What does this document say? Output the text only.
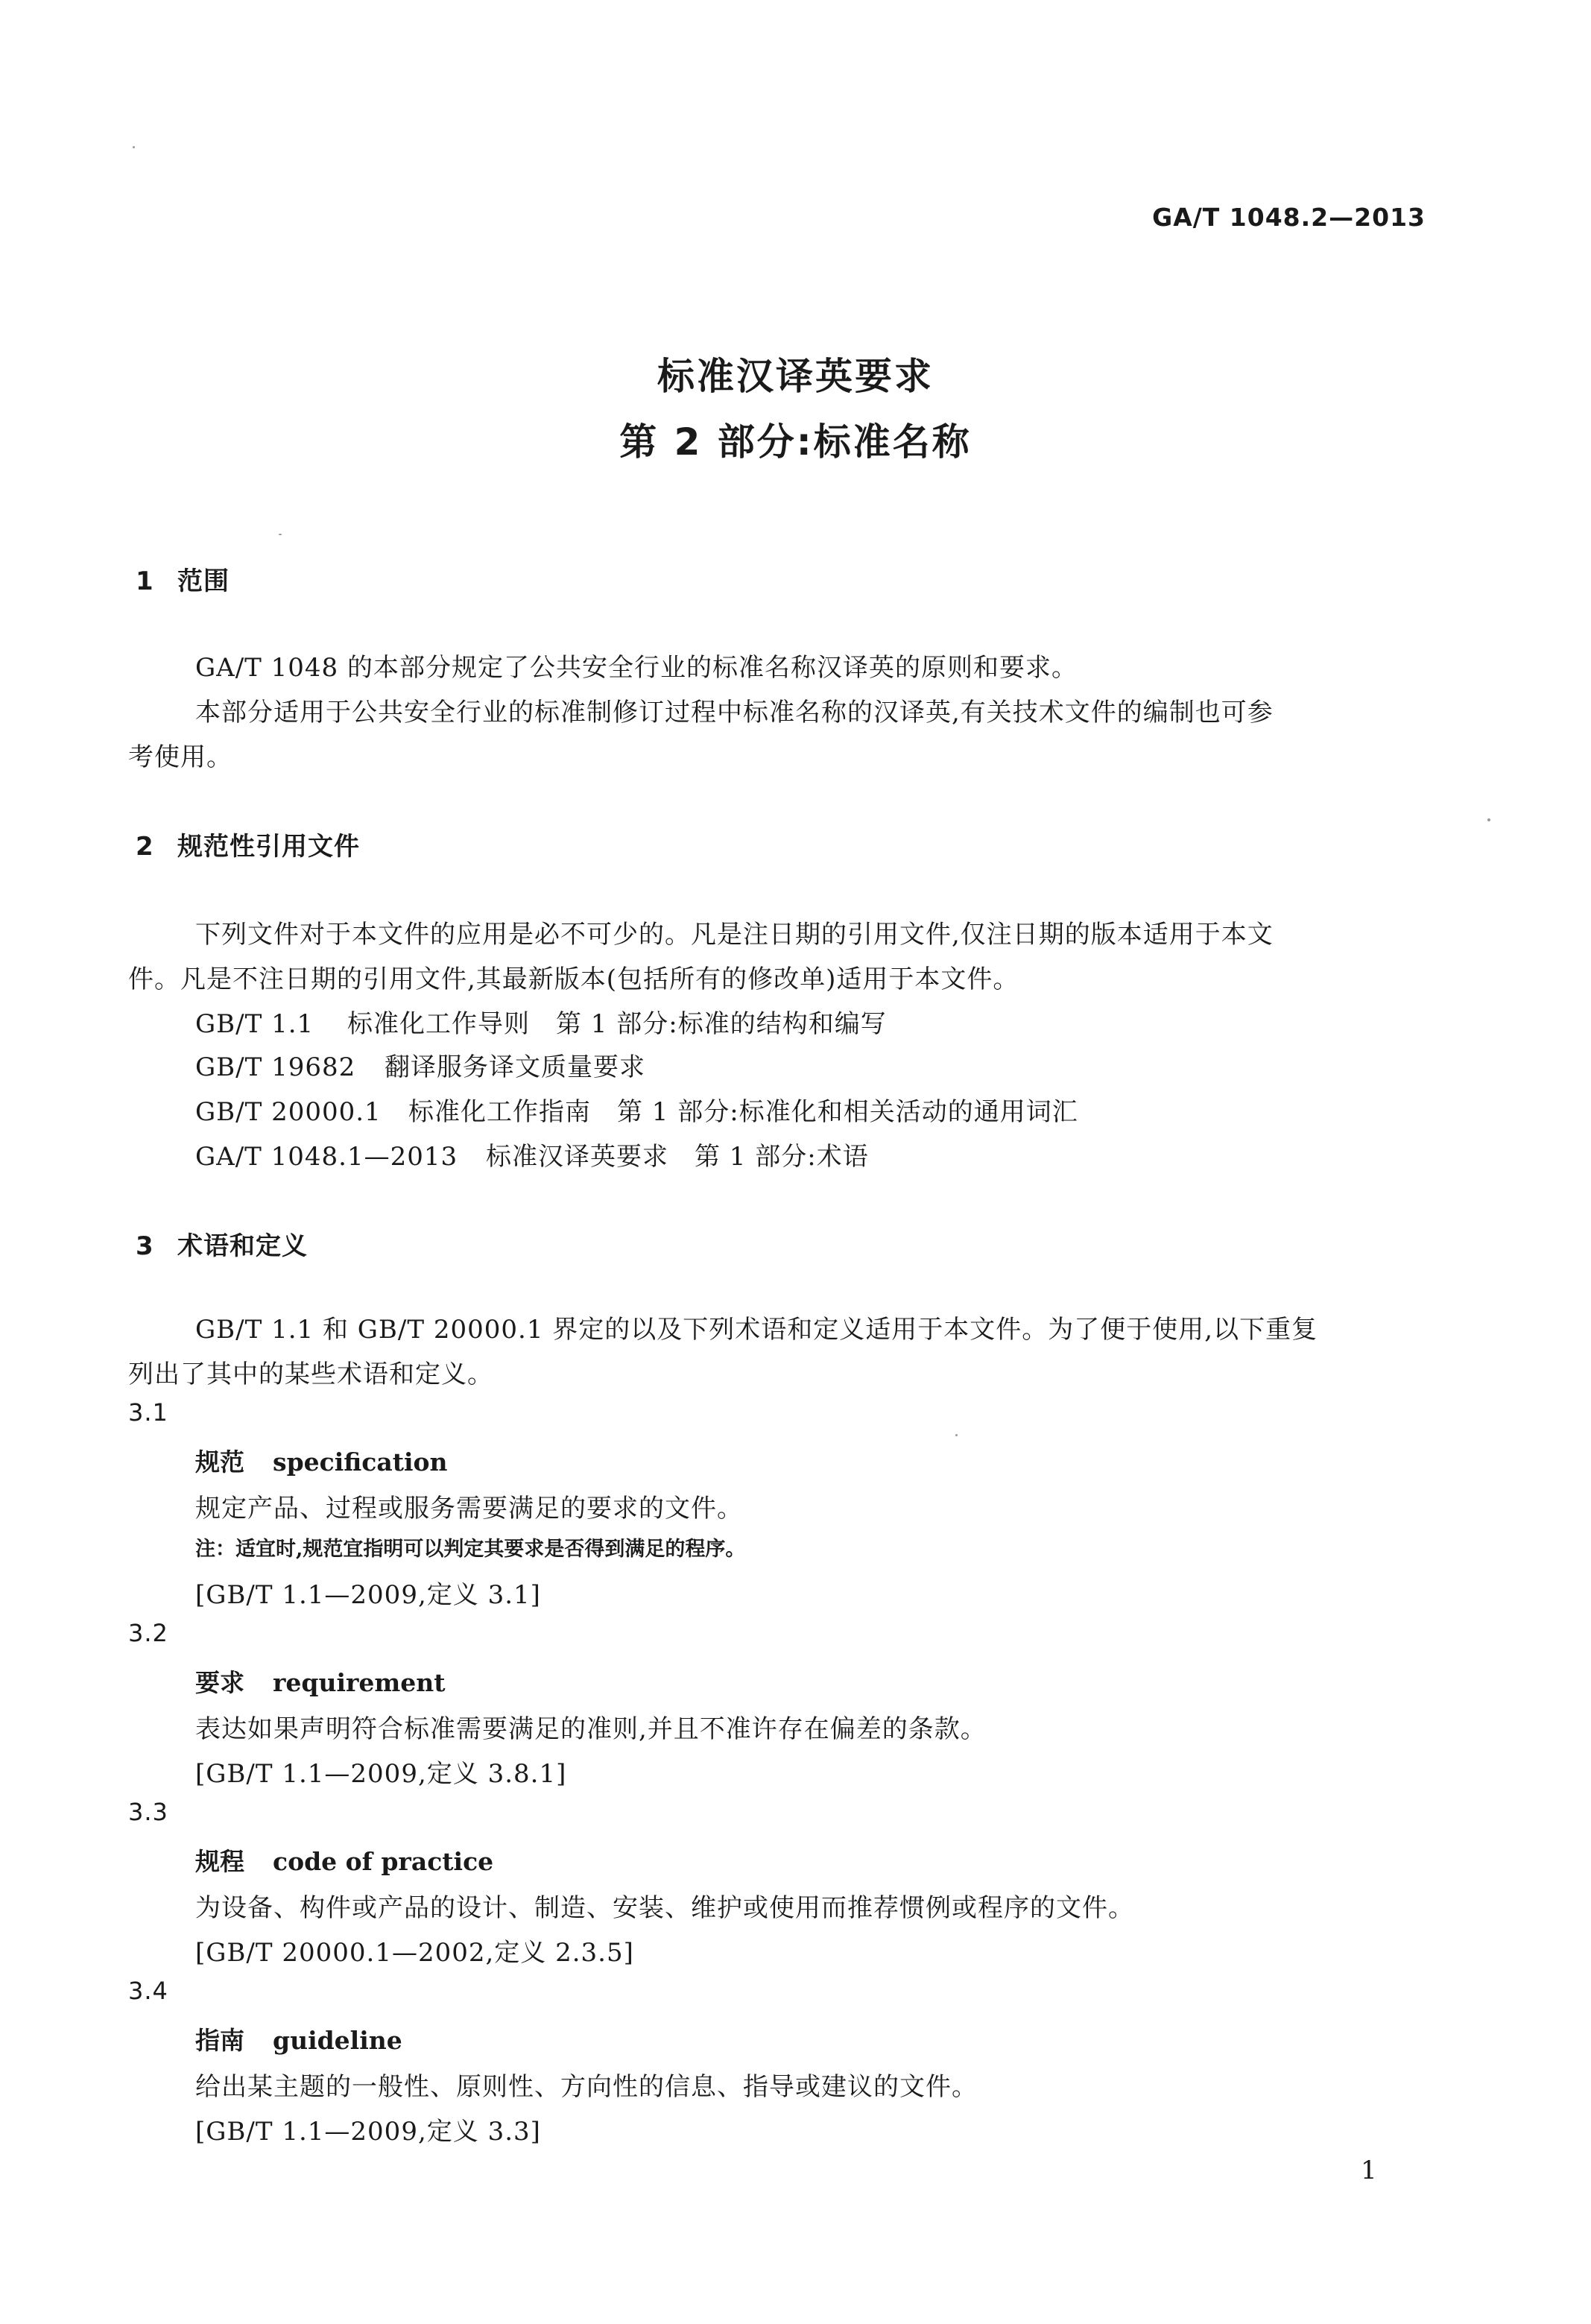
GA/T 1048.2—2013
标准汉译英要求
第 2 部分:标准名称
1 范围
GA/T 1048 的本部分规定了公共安全行业的标准名称汉译英的原则和要求。
本部分适用于公共安全行业的标准制修订过程中标准名称的汉译英,有关技术文件的编制也可参
考使用。
2 规范性引用文件
下列文件对于本文件的应用是必不可少的。凡是注日期的引用文件,仅注日期的版本适用于本文
件。凡是不注日期的引用文件,其最新版本(包括所有的修改单)适用于本文件。
GB/T 1.1 标准化工作导则　第 1 部分:标准的结构和编写
GB/T 19682 翻译服务译文质量要求
GB/T 20000.1 标准化工作指南　第 1 部分:标准化和相关活动的通用词汇
GA/T 1048.1—2013 标准汉译英要求　第 1 部分:术语
3 术语和定义
GB/T 1.1 和 GB/T 20000.1 界定的以及下列术语和定义适用于本文件。为了便于使用,以下重复
列出了其中的某些术语和定义。
3.1
规范 specification
规定产品、过程或服务需要满足的要求的文件。
注：适宜时,规范宜指明可以判定其要求是否得到满足的程序。
[GB/T 1.1—2009,定义 3.1]
3.2
要求 requirement
表达如果声明符合标准需要满足的准则,并且不准许存在偏差的条款。
[GB/T 1.1—2009,定义 3.8.1]
3.3
规程 code of practice
为设备、构件或产品的设计、制造、安装、维护或使用而推荐惯例或程序的文件。
[GB/T 20000.1—2002,定义 2.3.5]
3.4
指南 guideline
给出某主题的一般性、原则性、方向性的信息、指导或建议的文件。
[GB/T 1.1—2009,定义 3.3]
1
